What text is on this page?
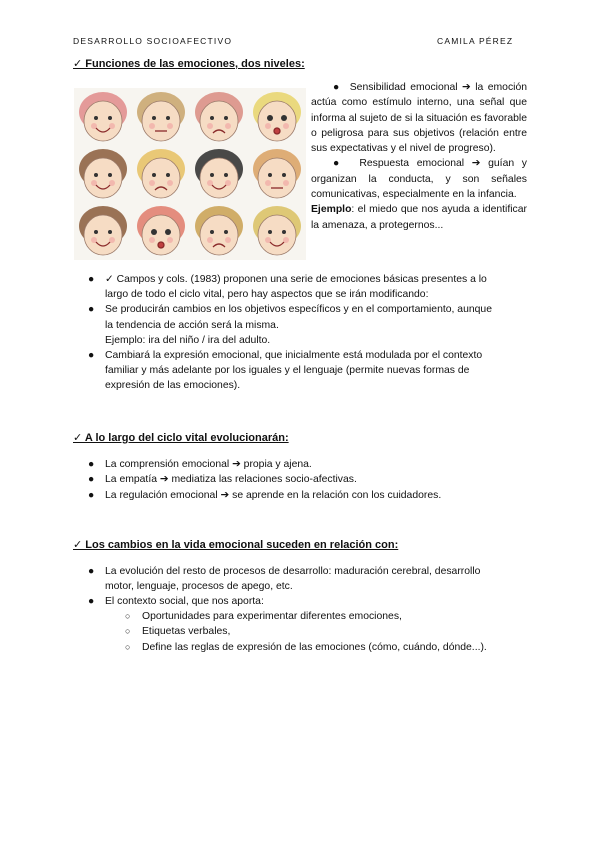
DESARROLLO SOCIOAFECTIVO	CAMILA PÉREZ
✓ Funciones de las emociones, dos niveles:

● Sensibilidad emocional ➔ la emoción actúa como estímulo interno, una señal que informa al sujeto de si la situación es favorable o peligrosa para sus objetivos (relación entre sus expectativas y el nivel de progreso).

● Respuesta emocional ➔ guían y organizan la conducta, y son señales comunicativas, especialmente en la infancia.

Ejemplo: el miedo que nos ayuda a identificar la amenaza, a protegernos...

● ✓ Campos y cols. (1983) proponen una serie de emociones básicas presentes a lo
largo de todo el ciclo vital, pero hay aspectos que se irán modificando:
● Se producirán cambios en los objetivos específicos y en el comportamiento, aunque
la tendencia de acción será la misma.
Ejemplo: ira del niño / ira del adulto.
● Cambiará la expresión emocional, que inicialmente está modulada por el contexto
familiar y más adelante por los iguales y el lenguaje (permite nuevas formas de
expresión de las emociones).
✓ A lo largo del ciclo vital evolucionarán:
● La comprensión emocional ➔ propia y ajena.
● La empatía ➔ mediatiza las relaciones socio-afectivas.
● La regulación emocional ➔ se aprende en la relación con los cuidadores.
✓ Los cambios en la vida emocional suceden en relación con:
● La evolución del resto de procesos de desarrollo: maduración cerebral, desarrollo
motor, lenguaje, procesos de apego, etc.
● El contexto social, que nos aporta:
○ Oportunidades para experimentar diferentes emociones,
○ Etiquetas verbales,
○ Define las reglas de expresión de las emociones (cómo, cuándo, dónde...).
